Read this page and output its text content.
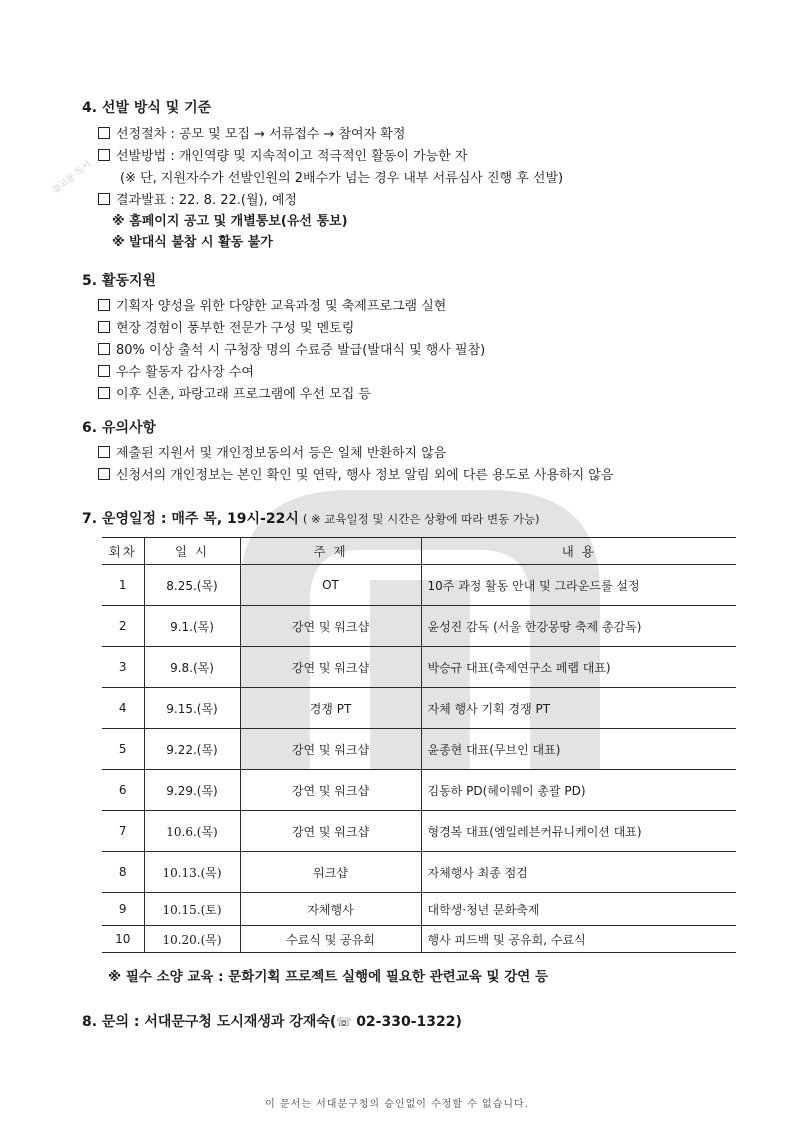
참고용 도서
4. 선발 방식 및 기준
선정절차 : 공모 및 모집 → 서류접수 → 참여자 확정
선발방법 : 개인역량 및 지속적이고 적극적인 활동이 가능한 자
(※ 단, 지원자수가 선발인원의 2배수가 넘는 경우 내부 서류심사 진행 후 선발)
결과발표 : 22. 8. 22.(월), 예정
※ 홈페이지 공고 및 개별통보(유선 통보)
※ 발대식 불참 시 활동 불가
5. 활동지원
기획자 양성을 위한 다양한 교육과정 및 축제프로그램 실현
현장 경험이 풍부한 전문가 구성 및 멘토링
80% 이상 출석 시 구청장 명의 수료증 발급(발대식 및 행사 필참)
우수 활동자 감사장 수여
이후 신촌, 파랑고래 프로그램에 우선 모집 등
6. 유의사항
제출된 지원서 및 개인정보동의서 등은 일체 반환하지 않음
신청서의 개인정보는 본인 확인 및 연락, 행사 정보 알림 외에 다른 용도로 사용하지 않음
7. 운영일정 : 매주 목, 19시-22시 ( ※ 교육일정 및 시간은 상황에 따라 변동 가능)
회차	일 시	주 제	내 용
1	8.25.(목)	OT	10주 과정 활동 안내 및 그라운드룰 설정
2	9.1.(목)	강연 및 워크샵	윤성진 감독 (서울 한강몽땅 축제 총감독)
3	9.8.(목)	강연 및 워크샵	박승규 대표(축제연구소 페랩 대표)
4	9.15.(목)	경쟁 PT	자체 행사 기획 경쟁 PT
5	9.22.(목)	강연 및 워크샵	윤종현 대표(무브인 대표)
6	9.29.(목)	강연 및 워크샵	김동하 PD(헤이웨이 총괄 PD)
7	10.6.(목)	강연 및 워크샵	형경복 대표(엠일레븐커뮤니케이션 대표)
8	10.13.(목)	워크샵	자체행사 최종 점검
9	10.15.(토)	자체행사	대학생·청년 문화축제
10	10.20.(목)	수료식 및 공유회	행사 피드백 및 공유회, 수료식
※ 필수 소양 교육 : 문화기획 프로젝트 실행에 필요한 관련교육 및 강연 등
8. 문의 : 서대문구청 도시재생과 강재숙(☏ 02-330-1322)
이 문서는 서대문구청의 승인없이 수정할 수 없습니다.
